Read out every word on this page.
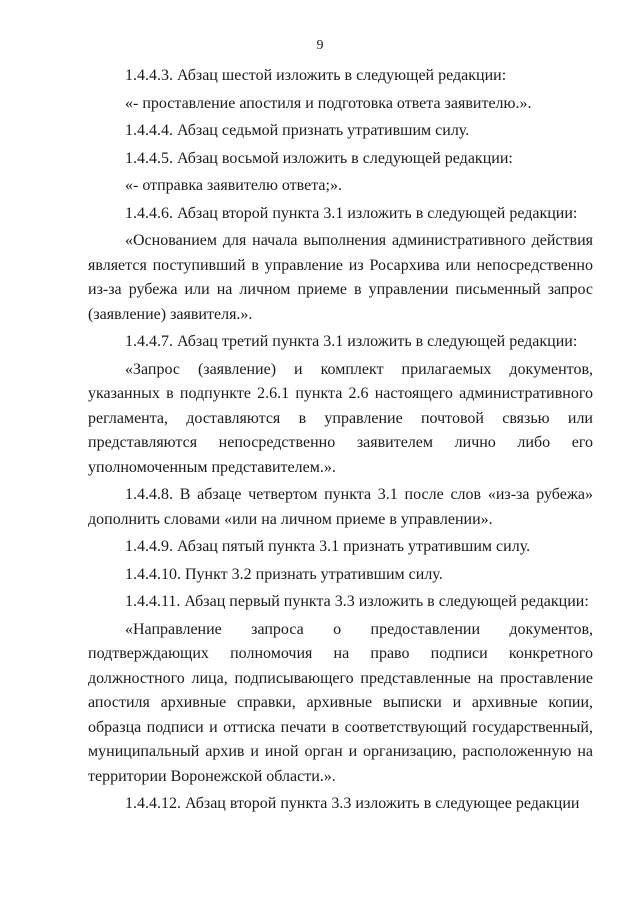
9

1.4.4.3. Абзац шестой изложить в следующей редакции:

«- проставление апостиля и подготовка ответа заявителю.».

1.4.4.4. Абзац седьмой признать утратившим силу.

1.4.4.5. Абзац восьмой изложить в следующей редакции:

«- отправка заявителю ответа;».

1.4.4.6. Абзац второй пункта 3.1 изложить в следующей редакции:

«Основанием для начала выполнения административного действия является поступивший в управление из Росархива или непосредственно из-за рубежа или на личном приеме в управлении письменный запрос (заявление) заявителя.».

1.4.4.7. Абзац третий пункта 3.1 изложить в следующей редакции:

«Запрос (заявление) и комплект прилагаемых документов, указанных в подпункте 2.6.1 пункта 2.6 настоящего административного регламента, доставляются в управление почтовой связью или представляются непосредственно заявителем лично либо его уполномоченным представителем.».

1.4.4.8. В абзаце четвертом пункта 3.1 после слов «из-за рубежа» дополнить словами «или на личном приеме в управлении».

1.4.4.9. Абзац пятый пункта 3.1 признать утратившим силу.

1.4.4.10. Пункт 3.2 признать утратившим силу.

1.4.4.11. Абзац первый пункта 3.3 изложить в следующей редакции:

«Направление запроса о предоставлении документов, подтверждающих полномочия на право подписи конкретного должностного лица, подписывающего представленные на проставление апостиля архивные справки, архивные выписки и архивные копии, образца подписи и оттиска печати в соответствующий государственный, муниципальный архив и иной орган и организацию, расположенную на территории Воронежской области.».

1.4.4.12. Абзац второй пункта 3.3 изложить в следующее редакции
